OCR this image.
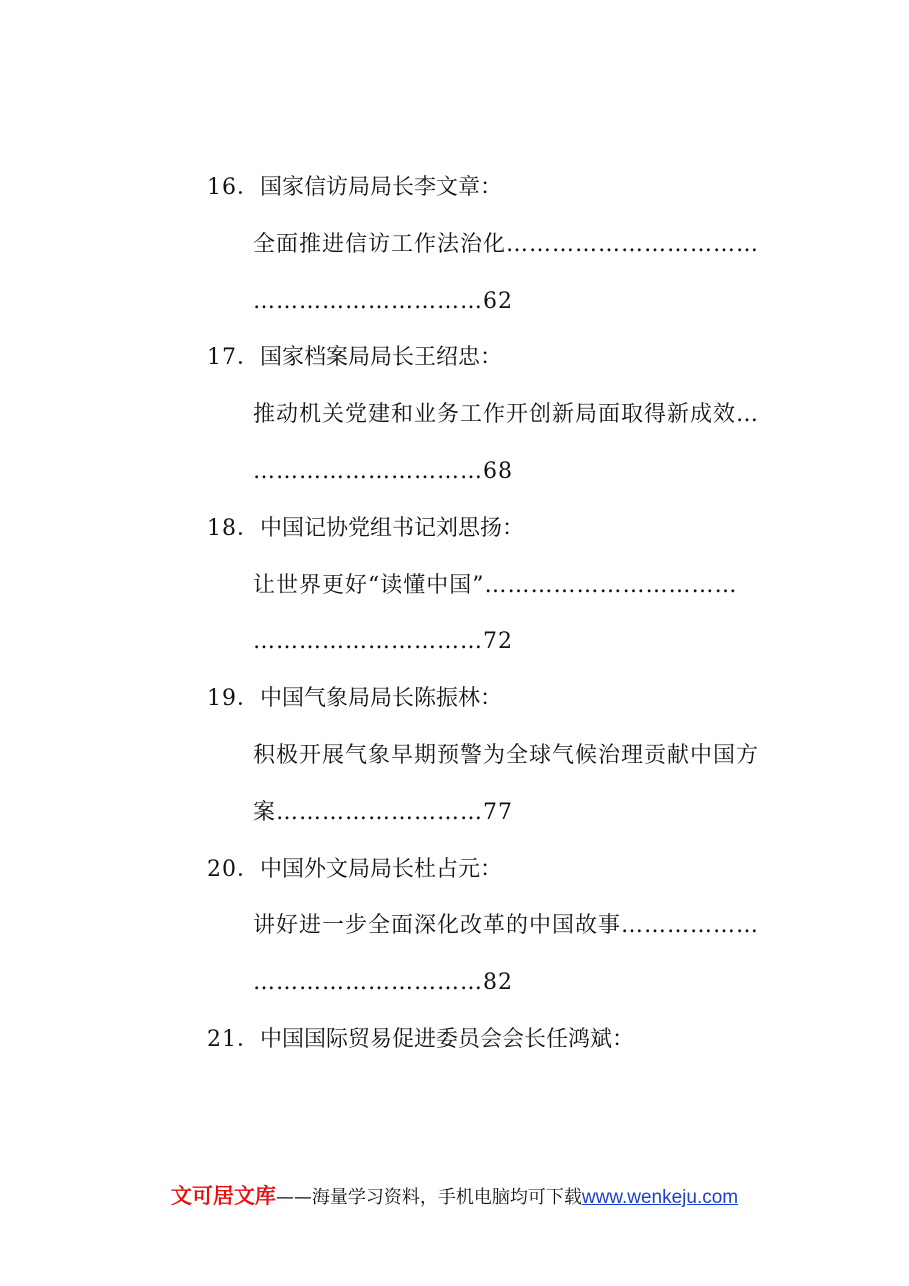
16．国家信访局局长李文章：
全面推进信访工作法治化……………………………
…………………………62
17．国家档案局局长王绍忠：
推动机关党建和业务工作开创新局面取得新成效…
…………………………68
18．中国记协党组书记刘思扬：
让世界更好“读懂中国”……………………………
…………………………72
19．中国气象局局长陈振林：
积极开展气象早期预警为全球气候治理贡献中国方
案………………………77
20．中国外文局局长杜占元：
讲好进一步全面深化改革的中国故事………………
…………………………82
21．中国国际贸易促进委员会会长任鸿斌：
文可居文库——海量学习资料，手机电脑均可下载www.wenkeju.com
